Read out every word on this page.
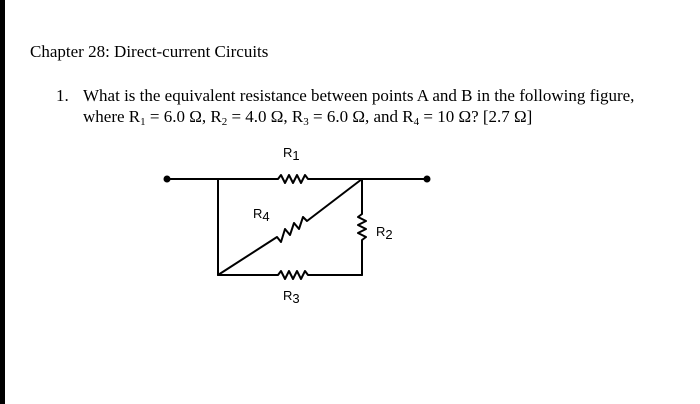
Chapter 28: Direct-current Circuits
1. What is the equivalent resistance between points A and B in the following figure,
where $R_1 = 6.0$ Ω, $R_2 = 4.0$ Ω, $R_3 = 6.0$ Ω, and $R_4 = 10$ Ω? [2.7 Ω]
R1
R2
R3
R4
